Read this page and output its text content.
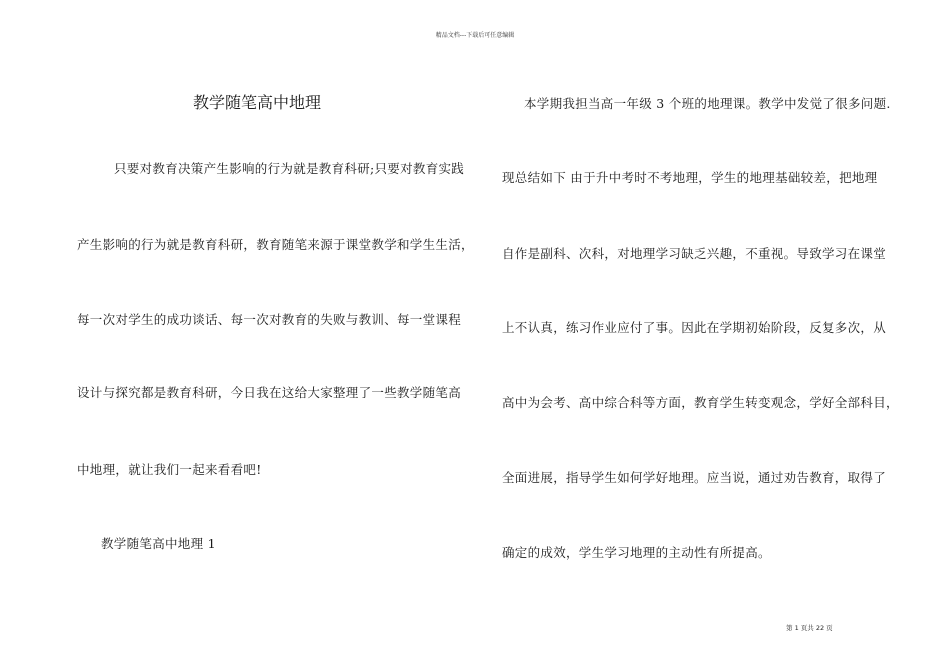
精品文档---下载后可任意编辑
教学随笔高中地理
只要对教育决策产生影响的行为就是教育科研;只要对教育实践
产生影响的行为就是教育科研，教育随笔来源于课堂教学和学生生活，
每一次对学生的成功谈话、每一次对教育的失败与教训、每一堂课程
设计与探究都是教育科研，今日我在这给大家整理了一些教学随笔高
中地理，就让我们一起来看看吧!
教学随笔高中地理 1
本学期我担当高一年级 3 个班的地理课。教学中发觉了很多问题.
现总结如下 由于升中考时不考地理，学生的地理基础较差，把地理
自作是副科、次科，对地理学习缺乏兴趣，不重视。导致学习在课堂
上不认真，练习作业应付了事。因此在学期初始阶段，反复多次，从
高中为会考、高中综合科等方面，教育学生转变观念，学好全部科目，
全面进展，指导学生如何学好地理。应当说，通过劝告教育，取得了
确定的成效，学生学习地理的主动性有所提高。
第 1 页共 22 页
